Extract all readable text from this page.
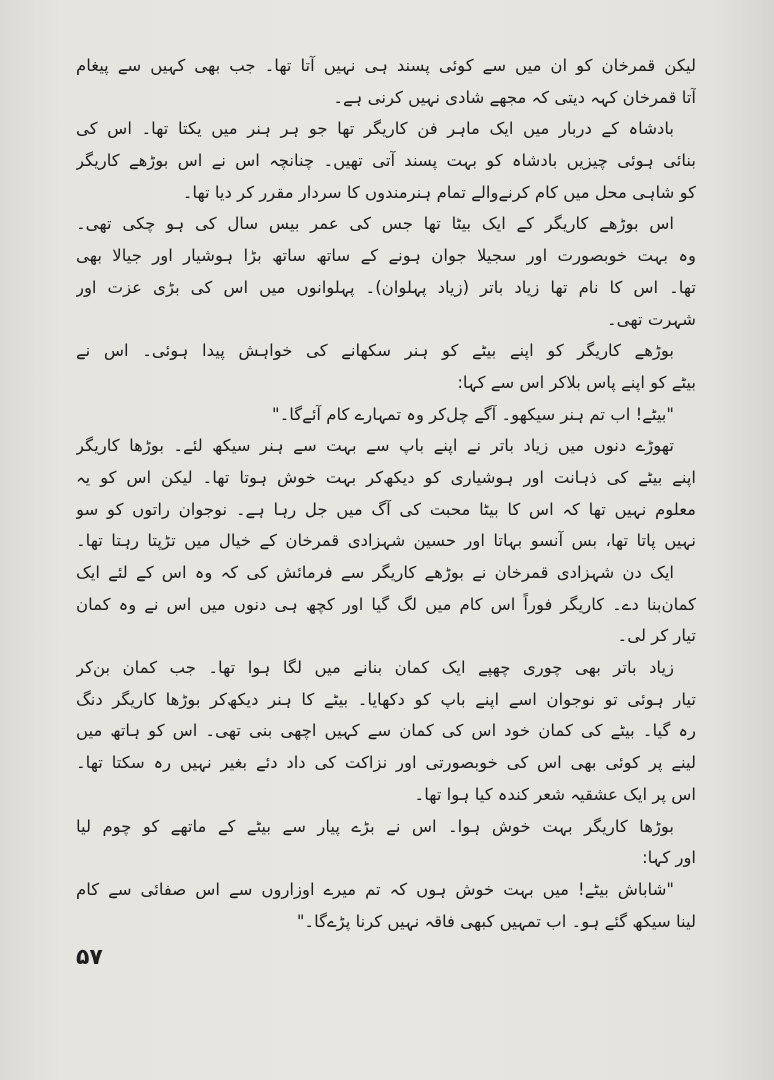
لیکن قمرخان کو ان میں سے کوئی پسند ہی نہیں آتا تھا۔ جب بھی کہیں سے پیغام
آتا قمرخان کہہ دیتی کہ مجھے شادی نہیں کرنی ہے۔
بادشاہ کے دربار میں ایک ماہر فن کاریگر تھا جو ہر ہنر میں یکتا تھا۔ اس کی
بنائی ہوئی چیزیں بادشاہ کو بہت پسند آتی تھیں۔ چنانچہ اس نے اس بوڑھے کاریگر
کو شاہی محل میں کام کرنےوالے تمام ہنرمندوں کا سردار مقرر کر دیا تھا۔
اس بوڑھے کاریگر کے ایک بیٹا تھا جس کی عمر بیس سال کی ہو چکی تھی۔
وہ بہت خوبصورت اور سجیلا جوان ہونے کے ساتھ ساتھ بڑا ہوشیار اور جیالا بھی
تھا۔ اس کا نام تھا زیاد باتر (زیاد پہلوان)۔ پہلوانوں میں اس کی بڑی عزت اور
شہرت تھی۔
بوڑھے کاریگر کو اپنے بیٹے کو ہنر سکھانے کی خواہش پیدا ہوئی۔ اس نے
بیٹے کو اپنے پاس بلاکر اس سے کہا:
"بیٹے! اب تم ہنر سیکھو۔ آگے چل‌کر وہ تمہارے کام آئےگا۔"
تھوڑے دنوں میں زیاد باتر نے اپنے باپ سے بہت سے ہنر سیکھ لئے۔ بوڑھا کاریگر
اپنے بیٹے کی ذہانت اور ہوشیاری کو دیکھ‌کر بہت خوش ہوتا تھا۔ لیکن اس کو یہ
معلوم نہیں تھا کہ اس کا بیٹا محبت کی آگ میں جل رہا ہے۔ نوجوان راتوں کو سو
نہیں پاتا تھا، بس آنسو بہاتا اور حسین شہزادی قمرخان کے خیال میں تڑپتا رہتا تھا۔
ایک دن شہزادی قمرخان نے بوڑھے کاریگر سے فرمائش کی کہ وہ اس کے لئے ایک
کمان‌بنا دے۔ کاریگر فوراً اس کام میں لگ گیا اور کچھ ہی دنوں میں اس نے وہ کمان
تیار کر لی۔
زیاد باتر بھی چوری چھپے ایک کمان بنانے میں لگا ہوا تھا۔ جب کمان بن‌کر
تیار ہوئی تو نوجوان اسے اپنے باپ کو دکھایا۔ بیٹے کا ہنر دیکھ‌کر بوڑھا کاریگر دنگ
رہ گیا۔ بیٹے کی کمان خود اس کی کمان سے کہیں اچھی بنی تھی۔ اس کو ہاتھ میں
لینے پر کوئی بھی اس کی خوبصورتی اور نزاکت کی داد دئے بغیر نہیں رہ سکتا تھا۔
اس پر ایک عشقیہ شعر کندہ کیا ہوا تھا۔
بوڑھا کاریگر بہت خوش ہوا۔ اس نے بڑے پیار سے بیٹے کے ماتھے کو چوم لیا
اور کہا:
"شاباش بیٹے! میں بہت خوش ہوں کہ تم میرے اوزاروں سے اس صفائی سے کام
لینا سیکھ گئے ہو۔ اب تمہیں کبھی فاقہ نہیں کرنا پڑےگا۔"
۵۷
